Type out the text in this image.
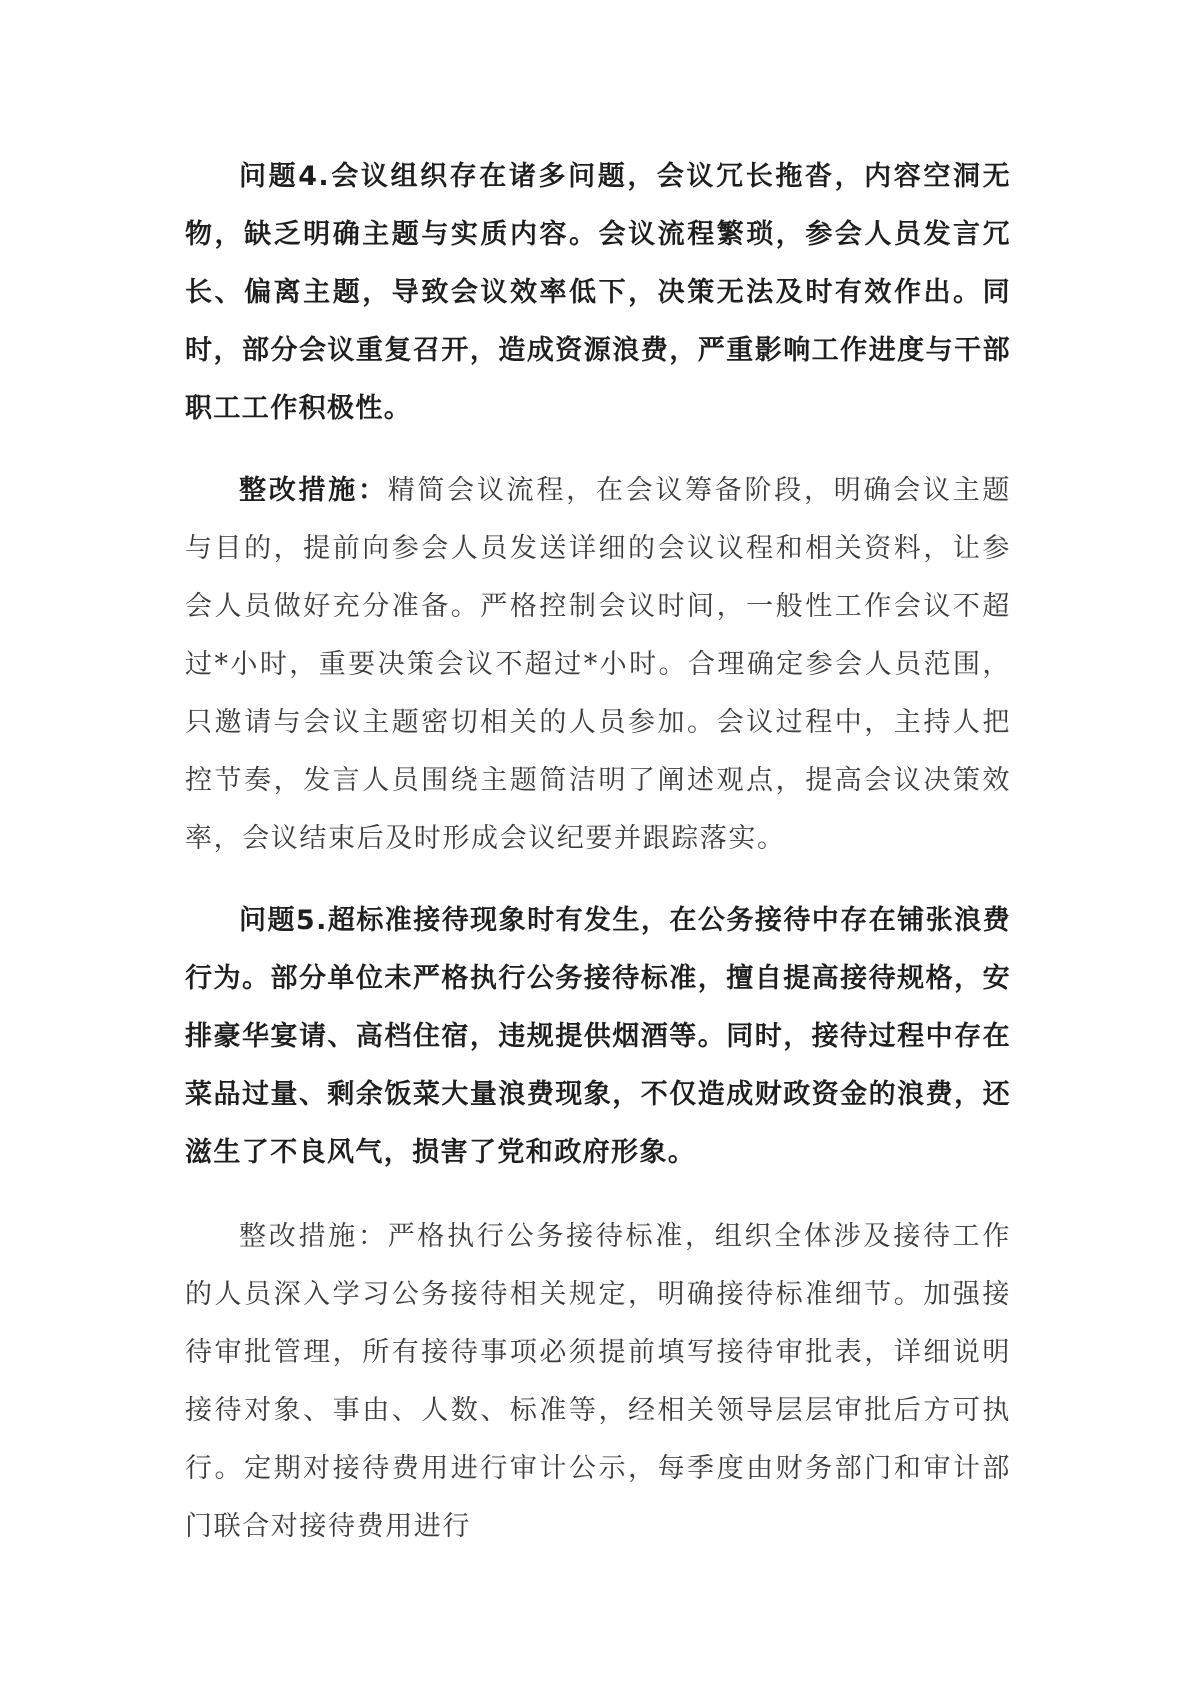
问题4.会议组织存在诸多问题，会议冗长拖沓，内容空洞无物，缺乏明确主题与实质内容。会议流程繁琐，参会人员发言冗长、偏离主题，导致会议效率低下，决策无法及时有效作出。同时，部分会议重复召开，造成资源浪费，严重影响工作进度与干部职工工作积极性。

整改措施：精简会议流程，在会议筹备阶段，明确会议主题与目的，提前向参会人员发送详细的会议议程和相关资料，让参会人员做好充分准备。严格控制会议时间，一般性工作会议不超过*小时，重要决策会议不超过*小时。合理确定参会人员范围，只邀请与会议主题密切相关的人员参加。会议过程中，主持人把控节奏，发言人员围绕主题简洁明了阐述观点，提高会议决策效率，会议结束后及时形成会议纪要并跟踪落实。

问题5.超标准接待现象时有发生，在公务接待中存在铺张浪费行为。部分单位未严格执行公务接待标准，擅自提高接待规格，安排豪华宴请、高档住宿，违规提供烟酒等。同时，接待过程中存在菜品过量、剩余饭菜大量浪费现象，不仅造成财政资金的浪费，还滋生了不良风气，损害了党和政府形象。

整改措施：严格执行公务接待标准，组织全体涉及接待工作的人员深入学习公务接待相关规定，明确接待标准细节。加强接待审批管理，所有接待事项必须提前填写接待审批表，详细说明接待对象、事由、人数、标准等，经相关领导层层审批后方可执行。定期对接待费用进行审计公示，每季度由财务部门和审计部门联合对接待费用进行
